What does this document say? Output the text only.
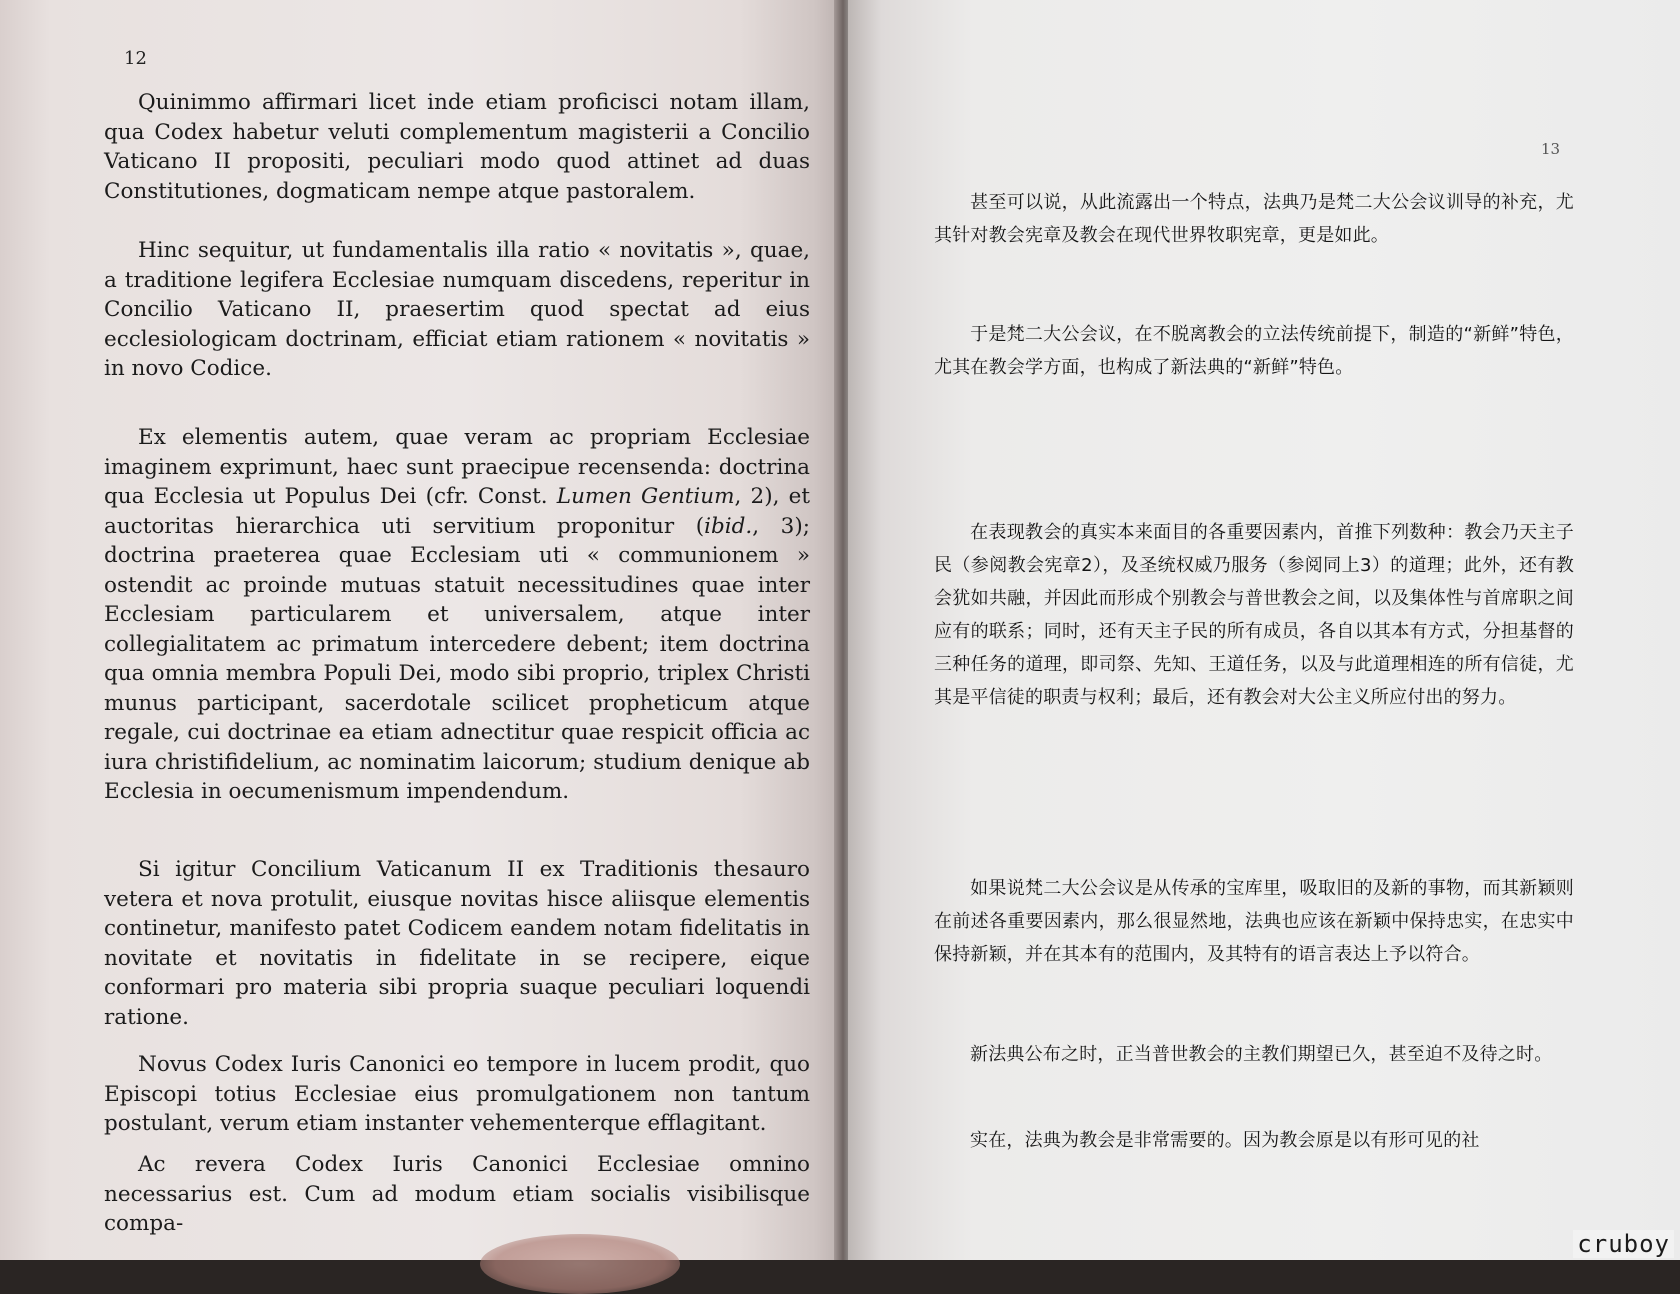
12

Quinimmo affirmari licet inde etiam proficisci notam illam, qua Codex habetur veluti complementum magisterii a Concilio Vaticano II propositi, peculiari modo quod attinet ad duas Constitutiones, dogmaticam nempe atque pastoralem.

Hinc sequitur, ut fundamentalis illa ratio « novitatis », quae, a traditione legifera Ecclesiae numquam discedens, reperitur in Concilio Vaticano II, praesertim quod spectat ad eius ecclesiologicam doctrinam, efficiat etiam rationem « novitatis » in novo Codice.

Ex elementis autem, quae veram ac propriam Ecclesiae imaginem exprimunt, haec sunt praecipue recensenda: doctrina qua Ecclesia ut Populus Dei (cfr. Const. Lumen Gentium, 2), et auctoritas hierarchica uti servitium proponitur (ibid., 3); doctrina praeterea quae Ecclesiam uti « communionem » ostendit ac proinde mutuas statuit necessitudines quae inter Ecclesiam particularem et universalem, atque inter collegialitatem ac primatum intercedere debent; item doctrina qua omnia membra Populi Dei, modo sibi proprio, triplex Christi munus participant, sacerdotale scilicet propheticum atque regale, cui doctrinae ea etiam adnectitur quae respicit officia ac iura christifidelium, ac nominatim laicorum; studium denique ab Ecclesia in oecumenismum impendendum.

Si igitur Concilium Vaticanum II ex Traditionis thesauro vetera et nova protulit, eiusque novitas hisce aliisque elementis continetur, manifesto patet Codicem eandem notam fidelitatis in novitate et novitatis in fidelitate in se recipere, eique conformari pro materia sibi propria suaque peculiari loquendi ratione.

Novus Codex Iuris Canonici eo tempore in lucem prodit, quo Episcopi totius Ecclesiae eius promulgationem non tantum postulant, verum etiam instanter vehementerque efflagitant.

Ac revera Codex Iuris Canonici Ecclesiae omnino necessarius est. Cum ad modum etiam socialis visibilisque compa-

13

甚至可以说，从此流露出一个特点，法典乃是梵二大公会议训导的补充，尤其针对教会宪章及教会在现代世界牧职宪章，更是如此。

于是梵二大公会议，在不脱离教会的立法传统前提下，制造的“新鲜”特色，尤其在教会学方面，也构成了新法典的“新鲜”特色。

在表现教会的真实本来面目的各重要因素内，首推下列数种：教会乃天主子民（参阅教会宪章2），及圣统权威乃服务（参阅同上3）的道理；此外，还有教会犹如共融，并因此而形成个别教会与普世教会之间，以及集体性与首席职之间应有的联系；同时，还有天主子民的所有成员，各自以其本有方式，分担基督的三种任务的道理，即司祭、先知、王道任务，以及与此道理相连的所有信徒，尤其是平信徒的职责与权利；最后，还有教会对大公主义所应付出的努力。

如果说梵二大公会议是从传承的宝库里，吸取旧的及新的事物，而其新颖则在前述各重要因素内，那么很显然地，法典也应该在新颖中保持忠实，在忠实中保持新颖，并在其本有的范围内，及其特有的语言表达上予以符合。

新法典公布之时，正当普世教会的主教们期望已久，甚至迫不及待之时。

实在，法典为教会是非常需要的。因为教会原是以有形可见的社

cruboy
